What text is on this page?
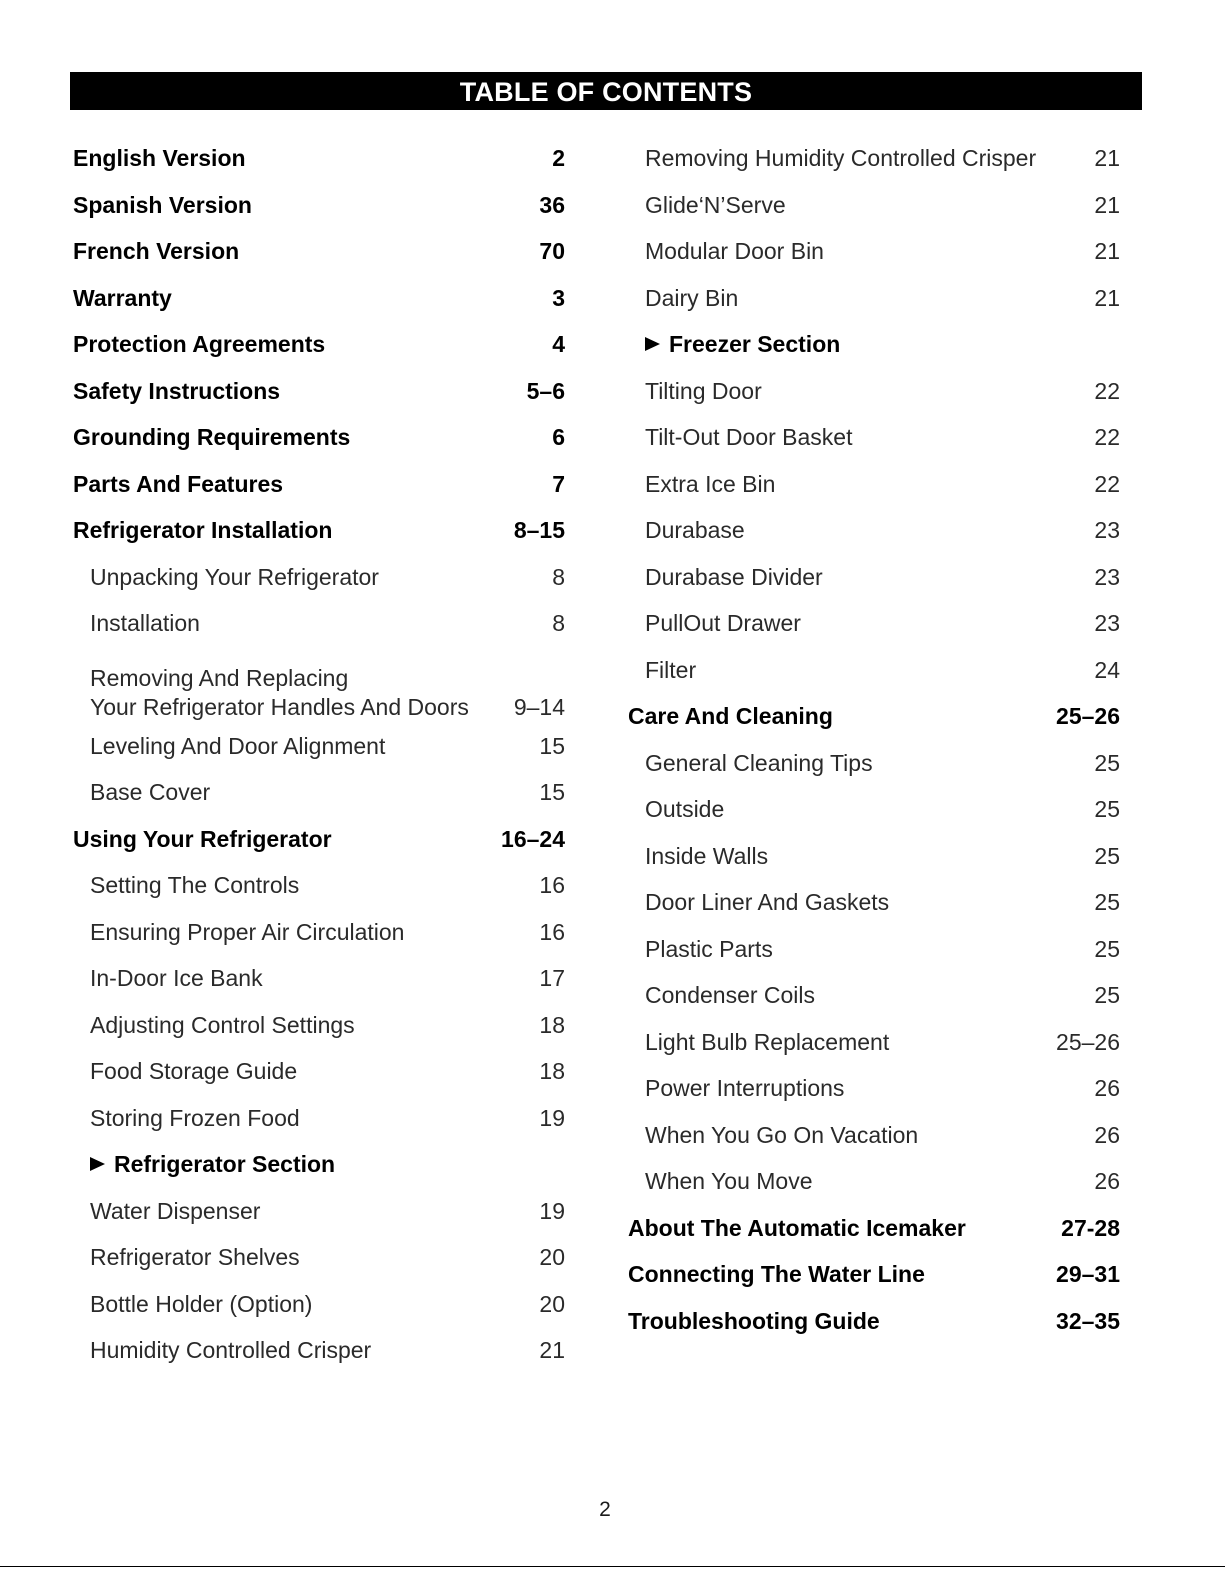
TABLE OF CONTENTS
English Version	2
Spanish Version	36
French Version	70
Warranty	3
Protection Agreements	4
Safety Instructions	5–6
Grounding Requirements	6
Parts And Features	7
Refrigerator Installation	8–15
Unpacking Your Refrigerator	8
Installation	8
Removing And Replacing
Your Refrigerator Handles And Doors 9–14
Leveling And Door Alignment	15
Base Cover	15
Using Your Refrigerator	16–24
Setting The Controls	16
Ensuring Proper Air Circulation	16
In-Door Ice Bank	17
Adjusting Control Settings	18
Food Storage Guide	18
Storing Frozen Food	19
Refrigerator Section
Water Dispenser	19
Refrigerator Shelves	20
Bottle Holder (Option)	20
Humidity Controlled Crisper	21
Removing Humidity Controlled Crisper	21
Glide‘N’Serve	21
Modular Door Bin	21
Dairy Bin	21
Freezer Section
Tilting Door	22
Tilt-Out Door Basket	22
Extra Ice Bin	22
Durabase	23
Durabase Divider	23
PullOut Drawer	23
Filter	24
Care And Cleaning	25–26
General Cleaning Tips	25
Outside	25
Inside Walls	25
Door Liner And Gaskets	25
Plastic Parts	25
Condenser Coils	25
Light Bulb Replacement	25–26
Power Interruptions	26
When You Go On Vacation	26
When You Move	26
About The Automatic Icemaker	27-28
Connecting The Water Line	29–31
Troubleshooting Guide	32–35
2
